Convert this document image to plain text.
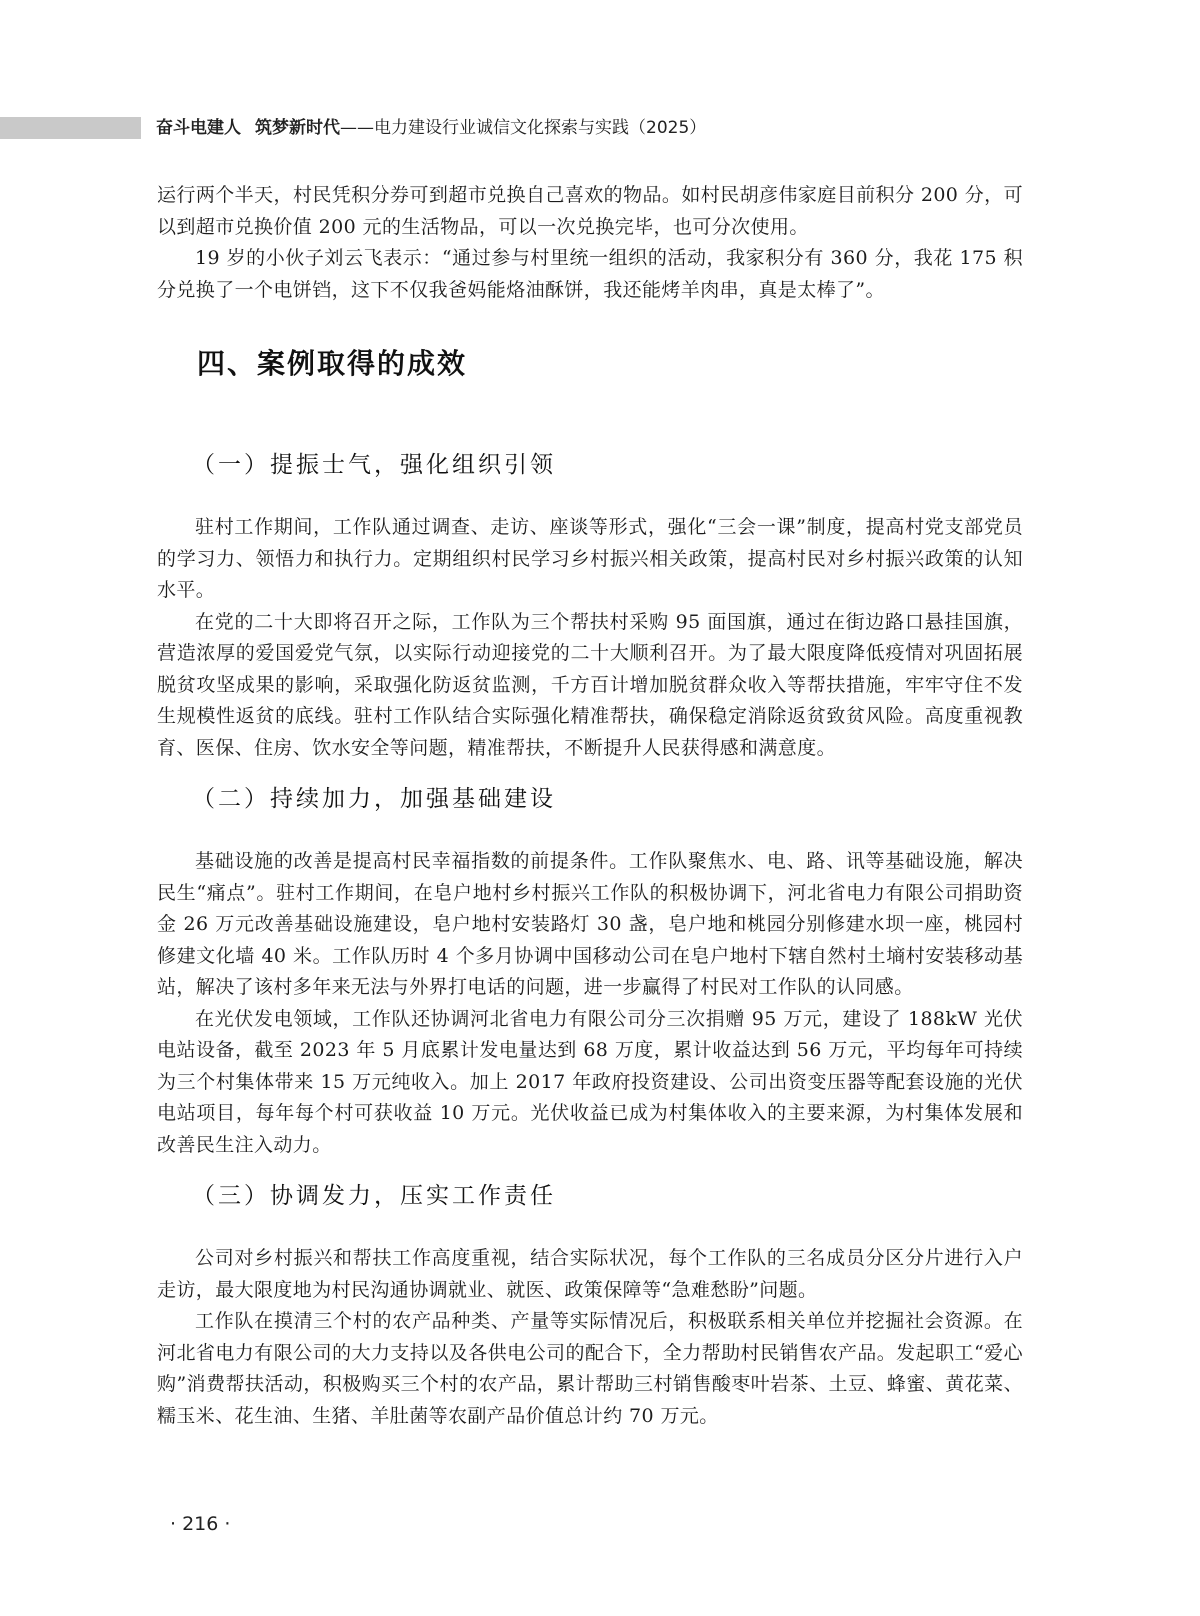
奋斗电建人 筑梦新时代——电力建设行业诚信文化探索与实践（2025）

运行两个半天，村民凭积分券可到超市兑换自己喜欢的物品。如村民胡彦伟家庭目前积分 200 分，可以到超市兑换价值 200 元的生活物品，可以一次兑换完毕，也可分次使用。

19 岁的小伙子刘云飞表示：“通过参与村里统一组织的活动，我家积分有 360 分，我花 175 积分兑换了一个电饼铛，这下不仅我爸妈能烙油酥饼，我还能烤羊肉串，真是太棒了”。

四、案例取得的成效
（一）提振士气，强化组织引领

驻村工作期间，工作队通过调查、走访、座谈等形式，强化“三会一课”制度，提高村党支部党员的学习力、领悟力和执行力。定期组织村民学习乡村振兴相关政策，提高村民对乡村振兴政策的认知水平。

在党的二十大即将召开之际，工作队为三个帮扶村采购 95 面国旗，通过在街边路口悬挂国旗，营造浓厚的爱国爱党气氛，以实际行动迎接党的二十大顺利召开。为了最大限度降低疫情对巩固拓展脱贫攻坚成果的影响，采取强化防返贫监测，千方百计增加脱贫群众收入等帮扶措施，牢牢守住不发生规模性返贫的底线。驻村工作队结合实际强化精准帮扶，确保稳定消除返贫致贫风险。高度重视教育、医保、住房、饮水安全等问题，精准帮扶，不断提升人民获得感和满意度。

（二）持续加力，加强基础建设

基础设施的改善是提高村民幸福指数的前提条件。工作队聚焦水、电、路、讯等基础设施，解决民生“痛点”。驻村工作期间，在皂户地村乡村振兴工作队的积极协调下，河北省电力有限公司捐助资金 26 万元改善基础设施建设，皂户地村安装路灯 30 盏，皂户地和桃园分别修建水坝一座，桃园村修建文化墙 40 米。工作队历时 4 个多月协调中国移动公司在皂户地村下辖自然村土墒村安装移动基站，解决了该村多年来无法与外界打电话的问题，进一步赢得了村民对工作队的认同感。

在光伏发电领域，工作队还协调河北省电力有限公司分三次捐赠 95 万元，建设了 188kW 光伏电站设备，截至 2023 年 5 月底累计发电量达到 68 万度，累计收益达到 56 万元，平均每年可持续为三个村集体带来 15 万元纯收入。加上 2017 年政府投资建设、公司出资变压器等配套设施的光伏电站项目，每年每个村可获收益 10 万元。光伏收益已成为村集体收入的主要来源，为村集体发展和改善民生注入动力。

（三）协调发力，压实工作责任

公司对乡村振兴和帮扶工作高度重视，结合实际状况，每个工作队的三名成员分区分片进行入户走访，最大限度地为村民沟通协调就业、就医、政策保障等“急难愁盼”问题。

工作队在摸清三个村的农产品种类、产量等实际情况后，积极联系相关单位并挖掘社会资源。在河北省电力有限公司的大力支持以及各供电公司的配合下，全力帮助村民销售农产品。发起职工“爱心购”消费帮扶活动，积极购买三个村的农产品，累计帮助三村销售酸枣叶岩茶、土豆、蜂蜜、黄花菜、糯玉米、花生油、生猪、羊肚菌等农副产品价值总计约 70 万元。

· 216 ·
